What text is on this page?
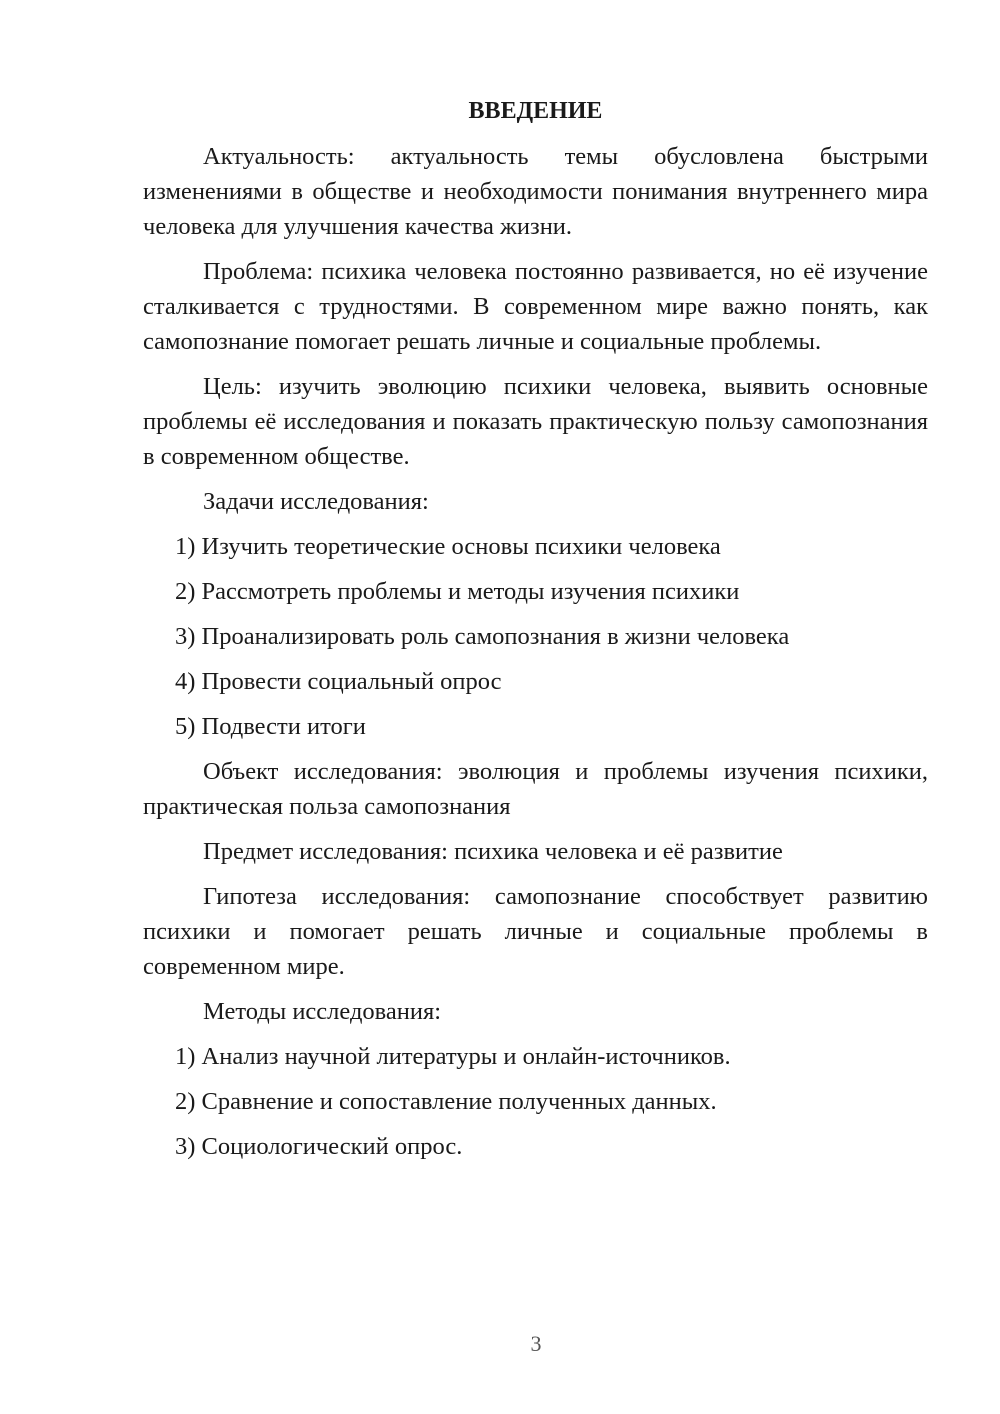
ВВЕДЕНИЕ

Актуальность: актуальность темы обусловлена быстрыми изменениями в обществе и необходимости понимания внутреннего мира человека для улучшения качества жизни.

Проблема: психика человека постоянно развивается, но её изучение сталкивается с трудностями. В современном мире важно понять, как самопознание помогает решать личные и социальные проблемы.

Цель: изучить эволюцию психики человека, выявить основные проблемы её исследования и показать практическую пользу самопознания в современном обществе.

Задачи исследования:

1) Изучить теоретические основы психики человека
2) Рассмотреть проблемы и методы изучения психики
3) Проанализировать роль самопознания в жизни человека
4) Провести социальный опрос
5) Подвести итоги

Объект исследования: эволюция и проблемы изучения психики, практическая польза самопознания

Предмет исследования: психика человека и её развитие

Гипотеза исследования: самопознание способствует развитию психики и помогает решать личные и социальные проблемы в современном мире.

Методы исследования:

1) Анализ научной литературы и онлайн-источников.
2) Сравнение и сопоставление полученных данных.
3) Социологический опрос.
3
